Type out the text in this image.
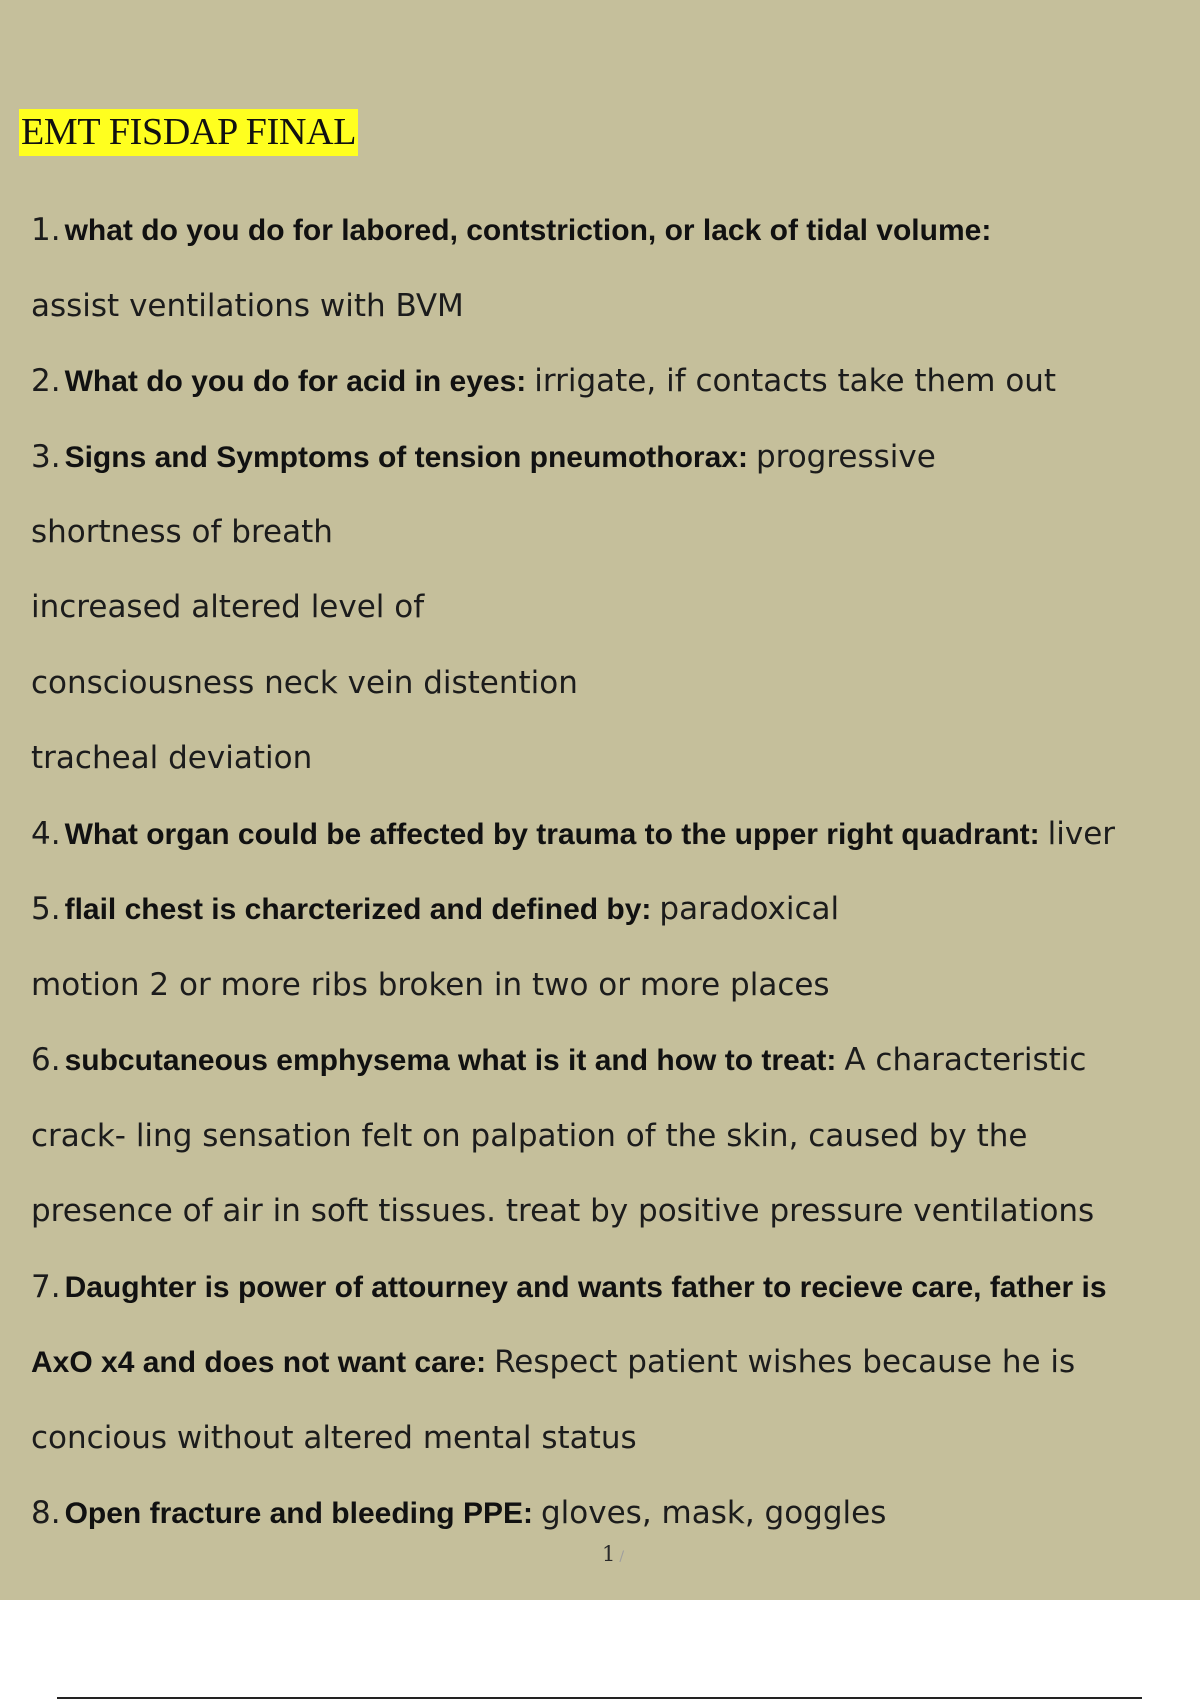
EMT FISDAP FINAL
1. what do you do for labored, contstriction, or lack of tidal volume:
assist ventilations with BVM
2. What do you do for acid in eyes: irrigate, if contacts take them out
3. Signs and Symptoms of tension pneumothorax: progressive
shortness of breath
increased altered level of
consciousness neck vein distention
tracheal deviation
4. What organ could be affected by trauma to the upper right quadrant: liver
5. flail chest is charcterized and defined by: paradoxical
motion 2 or more ribs broken in two or more places
6. subcutaneous emphysema what is it and how to treat: A characteristic
crack- ling sensation felt on palpation of the skin, caused by the
presence of air in soft tissues. treat by positive pressure ventilations
7. Daughter is power of attourney and wants father to recieve care, father is
AxO x4 and does not want care: Respect patient wishes because he is
concious without altered mental status
8. Open fracture and bleeding PPE: gloves, mask, goggles
1 /
